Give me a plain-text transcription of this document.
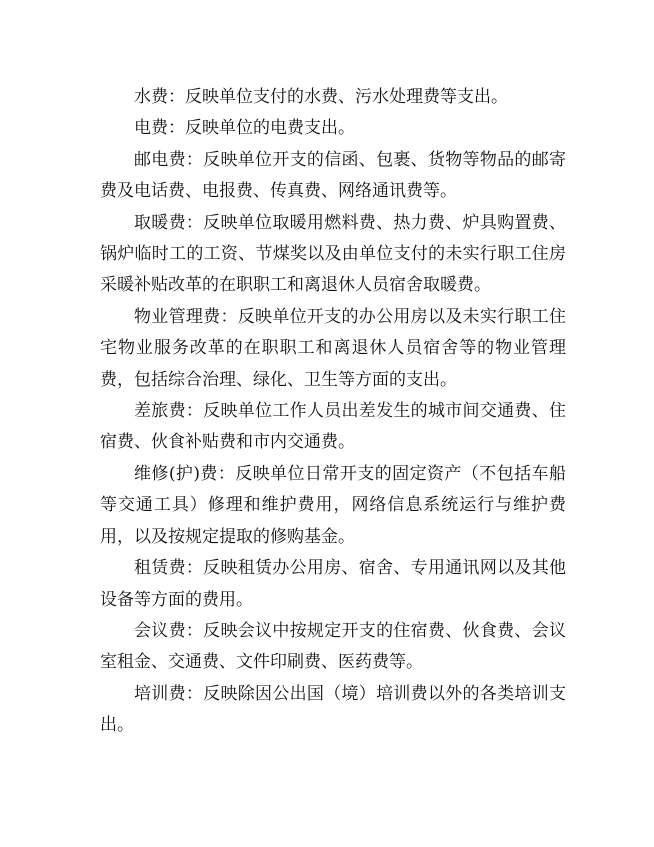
水费：反映单位支付的水费、污水处理费等支出。

电费：反映单位的电费支出。

邮电费：反映单位开支的信函、包裹、货物等物品的邮寄费及电话费、电报费、传真费、网络通讯费等。

取暖费：反映单位取暖用燃料费、热力费、炉具购置费、锅炉临时工的工资、节煤奖以及由单位支付的未实行职工住房采暖补贴改革的在职职工和离退休人员宿舍取暖费。

物业管理费：反映单位开支的办公用房以及未实行职工住宅物业服务改革的在职职工和离退休人员宿舍等的物业管理费，包括综合治理、绿化、卫生等方面的支出。

差旅费：反映单位工作人员出差发生的城市间交通费、住宿费、伙食补贴费和市内交通费。

维修(护)费：反映单位日常开支的固定资产（不包括车船等交通工具）修理和维护费用，网络信息系统运行与维护费用，以及按规定提取的修购基金。

租赁费：反映租赁办公用房、宿舍、专用通讯网以及其他设备等方面的费用。

会议费：反映会议中按规定开支的住宿费、伙食费、会议室租金、交通费、文件印刷费、医药费等。

培训费：反映除因公出国（境）培训费以外的各类培训支出。
